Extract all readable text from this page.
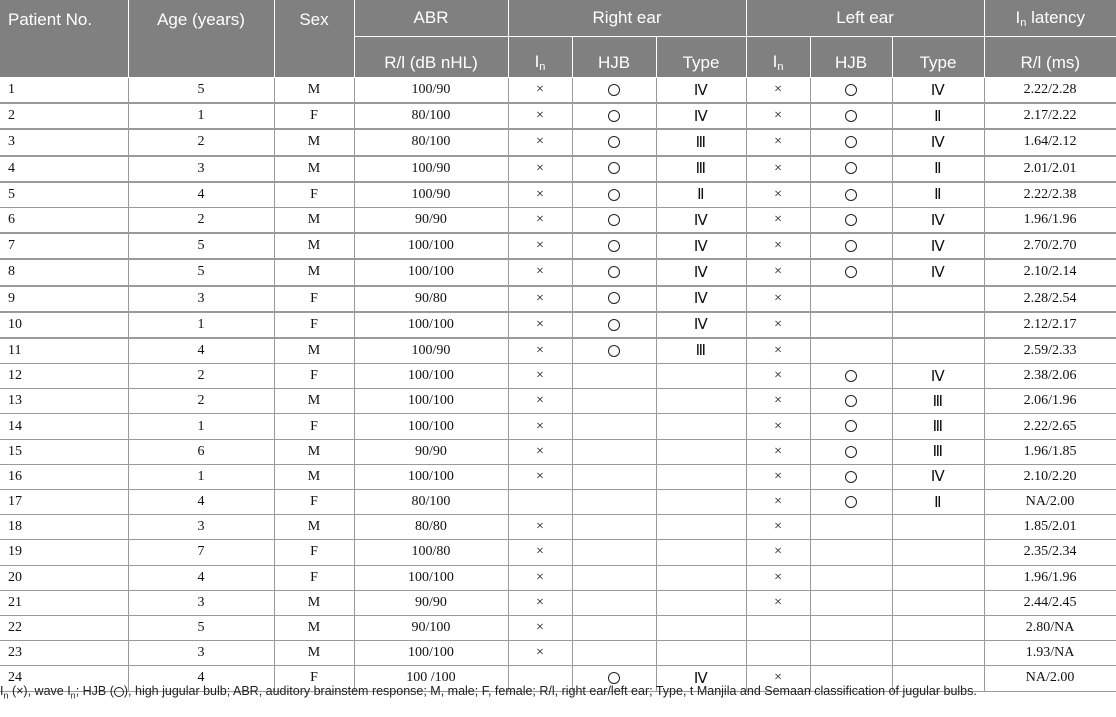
Patient No.	Age (years)	Sex	ABR	Right ear			Left ear			$I_n$ latency
			R/l (dB nHL)	$I_n$	HJB	Type	$I_n$	HJB	Type	R/l (ms)
1	5	M	100/90	×		Ⅳ	×		Ⅳ	2.22/2.28
2	1	F	80/100	×		Ⅳ	×		Ⅱ	2.17/2.22
3	2	M	80/100	×		Ⅲ	×		Ⅳ	1.64/2.12
4	3	M	100/90	×		Ⅲ	×		Ⅱ	2.01/2.01
5	4	F	100/90	×		Ⅱ	×		Ⅱ	2.22/2.38
6	2	M	90/90	×		Ⅳ	×		Ⅳ	1.96/1.96
7	5	M	100/100	×		Ⅳ	×		Ⅳ	2.70/2.70
8	5	M	100/100	×		Ⅳ	×		Ⅳ	2.10/2.14
9	3	F	90/80	×		Ⅳ	×			2.28/2.54
10	1	F	100/100	×		Ⅳ	×			2.12/2.17
11	4	M	100/90	×		Ⅲ	×			2.59/2.33
12	2	F	100/100	×			×		Ⅳ	2.38/2.06
13	2	M	100/100	×			×		Ⅲ	2.06/1.96
14	1	F	100/100	×			×		Ⅲ	2.22/2.65
15	6	M	90/90	×			×		Ⅲ	1.96/1.85
16	1	M	100/100	×			×		Ⅳ	2.10/2.20
17	4	F	80/100				×		Ⅱ	NA/2.00
18	3	M	80/80	×			×			1.85/2.01
19	7	F	100/80	×			×			2.35/2.34
20	4	F	100/100	×			×			1.96/1.96
21	3	M	90/90	×			×			2.44/2.45
22	5	M	90/100	×						2.80/NA
23	3	M	100/100	×						1.93/NA
24	4	F	100 /100			Ⅳ	×			NA/2.00
$I_n$ (×), wave $I_n$; HJB ( ), high jugular bulb; ABR, auditory brainstem response; M, male; F, female; R/l, right ear/left ear; Type, t Manjila and Semaan classification of jugular bulbs.
